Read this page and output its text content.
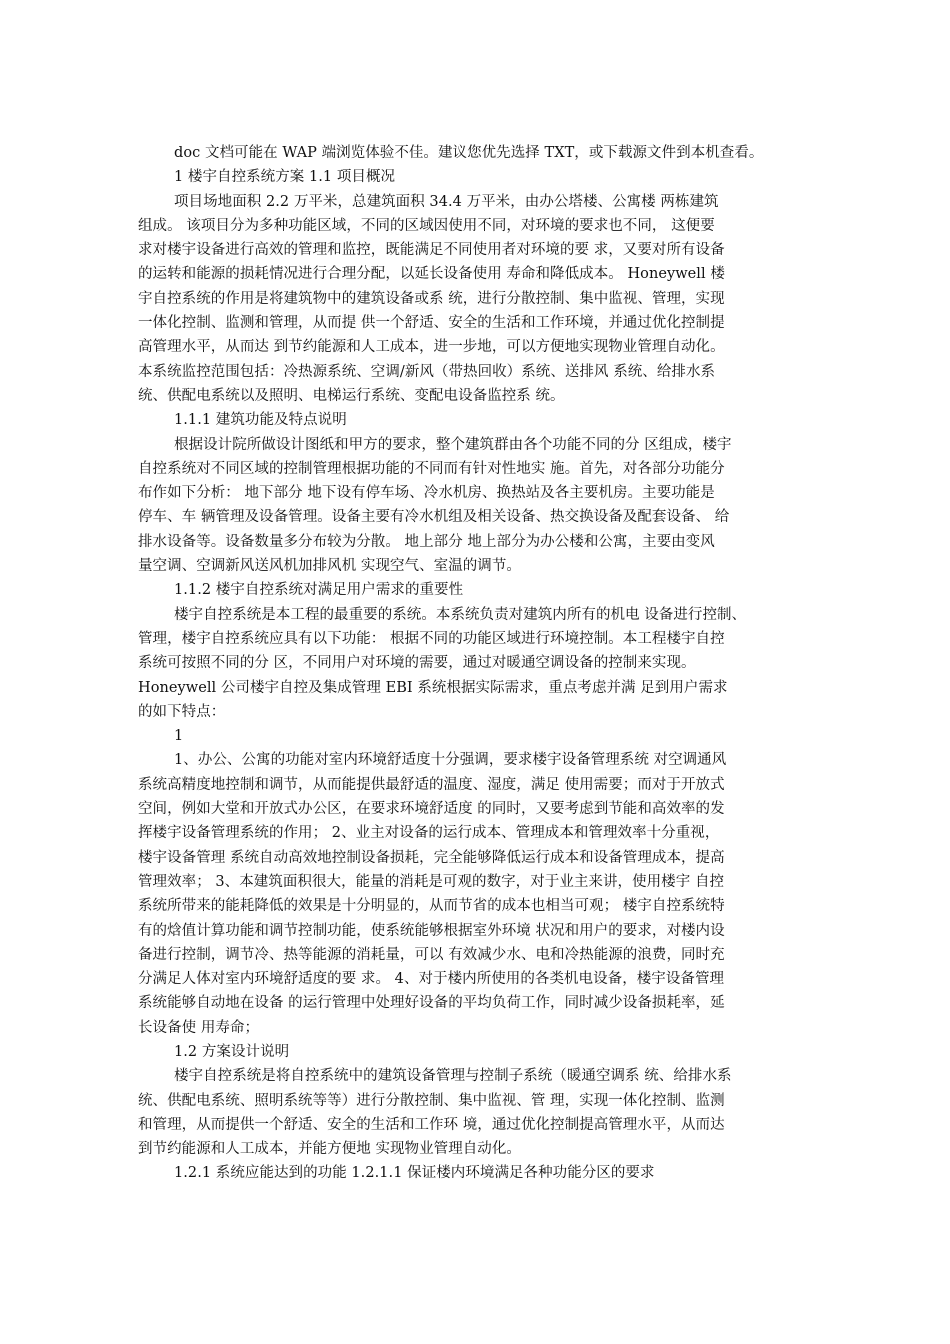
doc 文档可能在 WAP 端浏览体验不佳。建议您优先选择 TXT，或下载源文件到本机查看。
1 楼宇自控系统方案 1.1 项目概况
项目场地面积 2.2 万平米，总建筑面积 34.4 万平米，由办公塔楼、公寓楼 两栋建筑
组成。 该项目分为多种功能区域，不同的区域因使用不同，对环境的要求也不同， 这便要
求对楼宇设备进行高效的管理和监控，既能满足不同使用者对环境的要 求，又要对所有设备
的运转和能源的损耗情况进行合理分配，以延长设备使用 寿命和降低成本。 Honeywell 楼
宇自控系统的作用是将建筑物中的建筑设备或系 统，进行分散控制、集中监视、管理，实现
一体化控制、监测和管理，从而提 供一个舒适、安全的生活和工作环境，并通过优化控制提
高管理水平，从而达 到节约能源和人工成本，进一步地，可以方便地实现物业管理自动化。
本系统监控范围包括：冷热源系统、空调/新风（带热回收）系统、送排风 系统、给排水系
统、供配电系统以及照明、电梯运行系统、变配电设备监控系 统。
1.1.1 建筑功能及特点说明
根据设计院所做设计图纸和甲方的要求，整个建筑群由各个功能不同的分 区组成，楼宇
自控系统对不同区域的控制管理根据功能的不同而有针对性地实 施。首先，对各部分功能分
布作如下分析： 地下部分 地下设有停车场、冷水机房、换热站及各主要机房。主要功能是
停车、车 辆管理及设备管理。设备主要有冷水机组及相关设备、热交换设备及配套设备、 给
排水设备等。设备数量多分布较为分散。 地上部分 地上部分为办公楼和公寓，主要由变风
量空调、空调新风送风机加排风机 实现空气、室温的调节。
1.1.2 楼宇自控系统对满足用户需求的重要性
楼宇自控系统是本工程的最重要的系统。本系统负责对建筑内所有的机电 设备进行控制、
管理，楼宇自控系统应具有以下功能： 根据不同的功能区域进行环境控制。本工程楼宇自控
系统可按照不同的分 区，不同用户对环境的需要，通过对暖通空调设备的控制来实现。
Honeywell 公司楼宇自控及集成管理 EBI 系统根据实际需求，重点考虑并满 足到用户需求
的如下特点：
1
1、办公、公寓的功能对室内环境舒适度十分强调，要求楼宇设备管理系统 对空调通风
系统高精度地控制和调节，从而能提供最舒适的温度、湿度，满足 使用需要；而对于开放式
空间，例如大堂和开放式办公区，在要求环境舒适度 的同时，又要考虑到节能和高效率的发
挥楼宇设备管理系统的作用； 2、业主对设备的运行成本、管理成本和管理效率十分重视，
楼宇设备管理 系统自动高效地控制设备损耗，完全能够降低运行成本和设备管理成本，提高
管理效率； 3、本建筑面积很大，能量的消耗是可观的数字，对于业主来讲，使用楼宇 自控
系统所带来的能耗降低的效果是十分明显的，从而节省的成本也相当可观； 楼宇自控系统特
有的焓值计算功能和调节控制功能，使系统能够根据室外环境 状况和用户的要求，对楼内设
备进行控制，调节冷、热等能源的消耗量，可以 有效减少水、电和冷热能源的浪费，同时充
分满足人体对室内环境舒适度的要 求。 4、对于楼内所使用的各类机电设备，楼宇设备管理
系统能够自动地在设备 的运行管理中处理好设备的平均负荷工作，同时减少设备损耗率，延
长设备使 用寿命；
1.2 方案设计说明
楼宇自控系统是将自控系统中的建筑设备管理与控制子系统（暖通空调系 统、给排水系
统、供配电系统、照明系统等等）进行分散控制、集中监视、管 理，实现一体化控制、监测
和管理，从而提供一个舒适、安全的生活和工作环 境，通过优化控制提高管理水平，从而达
到节约能源和人工成本，并能方便地 实现物业管理自动化。
1.2.1 系统应能达到的功能 1.2.1.1 保证楼内环境满足各种功能分区的要求
